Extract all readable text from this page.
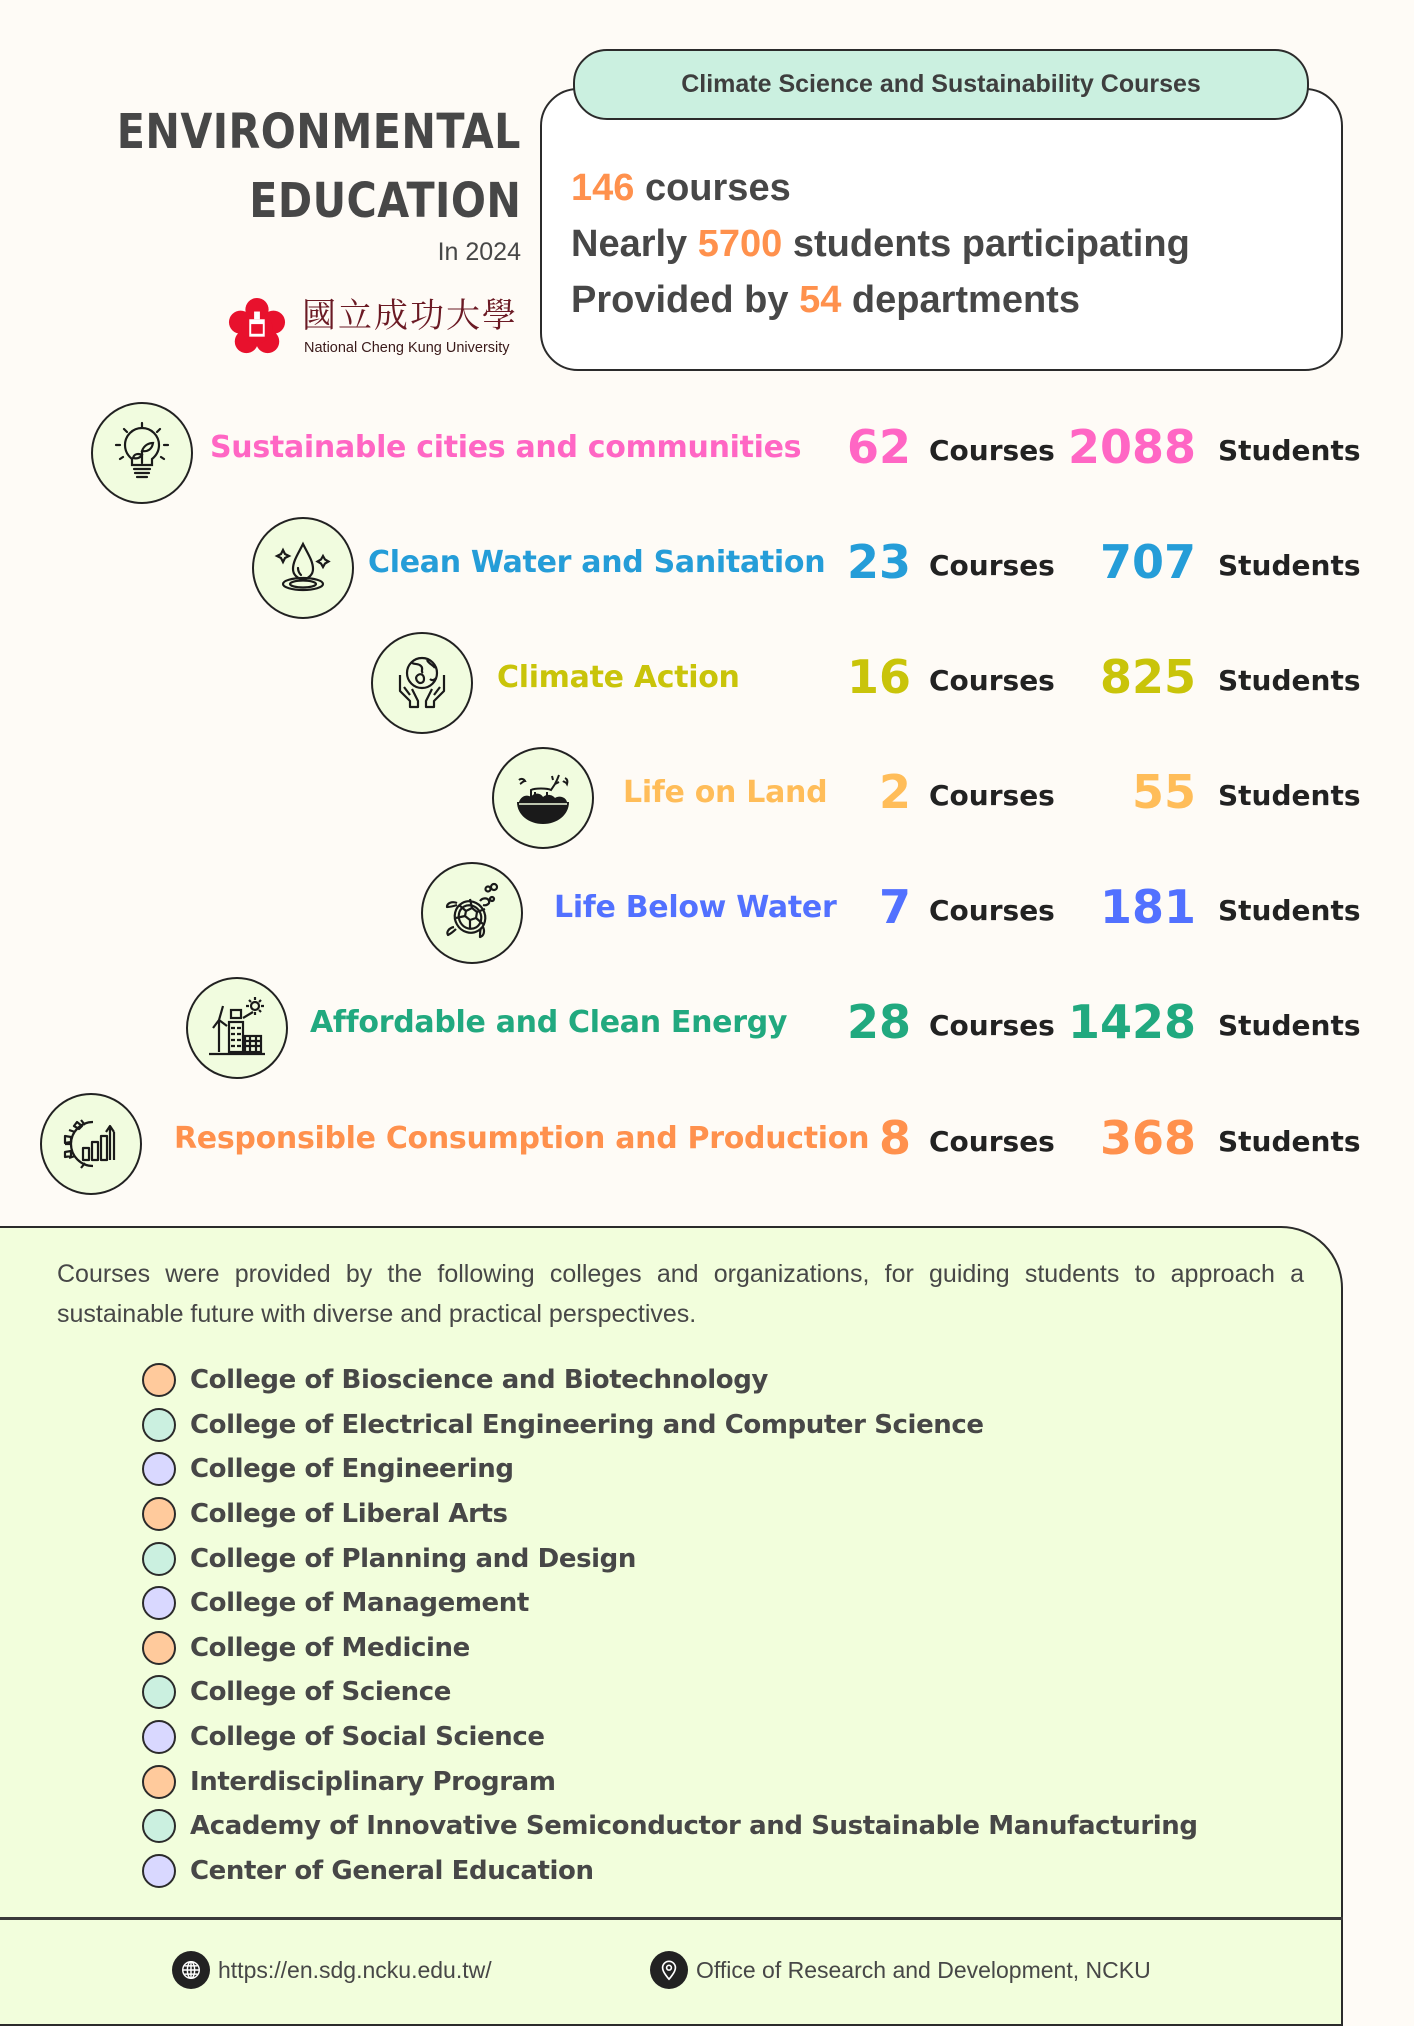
ENVIRONMENTAL
EDUCATION
In 2024
國立成功大學
National Cheng Kung University
Climate Science and Sustainability Courses
146 courses
Nearly 5700 students participating
Provided by 54 departments
Sustainable cities and communities 62 Courses 2088 Students
Clean Water and Sanitation 23 Courses 707 Students
Climate Action 16 Courses 825 Students
Life on Land 2 Courses 55 Students
Life Below Water 7 Courses 181 Students
Affordable and Clean Energy 28 Courses 1428 Students
Responsible Consumption and Production 8 Courses 368 Students

Courses were provided by the following colleges and organizations, for guiding students to approach a sustainable future with diverse and practical perspectives.

College of Bioscience and Biotechnology
College of Electrical Engineering and Computer Science
College of Engineering
College of Liberal Arts
College of Planning and Design
College of Management
College of Medicine
College of Science
College of Social Science
Interdisciplinary Program
Academy of Innovative Semiconductor and Sustainable Manufacturing
Center of General Education
https://en.sdg.ncku.edu.tw/	Office of Research and Development, NCKU
